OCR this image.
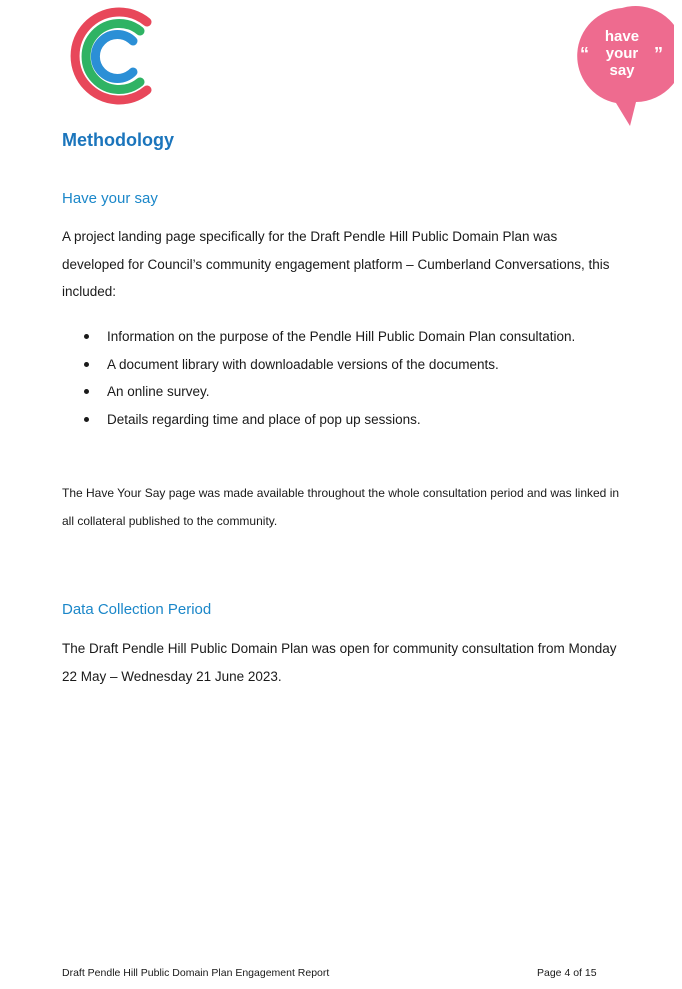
“	”
have
your
say
Methodology
Have your say

A project landing page specifically for the Draft Pendle Hill Public Domain Plan was developed for Council’s community engagement platform – Cumberland Conversations, this included:

Information on the purpose of the Pendle Hill Public Domain Plan consultation.
A document library with downloadable versions of the documents.
An online survey.
Details regarding time and place of pop up sessions.

The Have Your Say page was made available throughout the whole consultation period and was linked in all collateral published to the community.

Data Collection Period

The Draft Pendle Hill Public Domain Plan was open for community consultation from Monday 22 May – Wednesday 21 June 2023.

Draft Pendle Hill Public Domain Plan Engagement Report	Page 4 of 15
